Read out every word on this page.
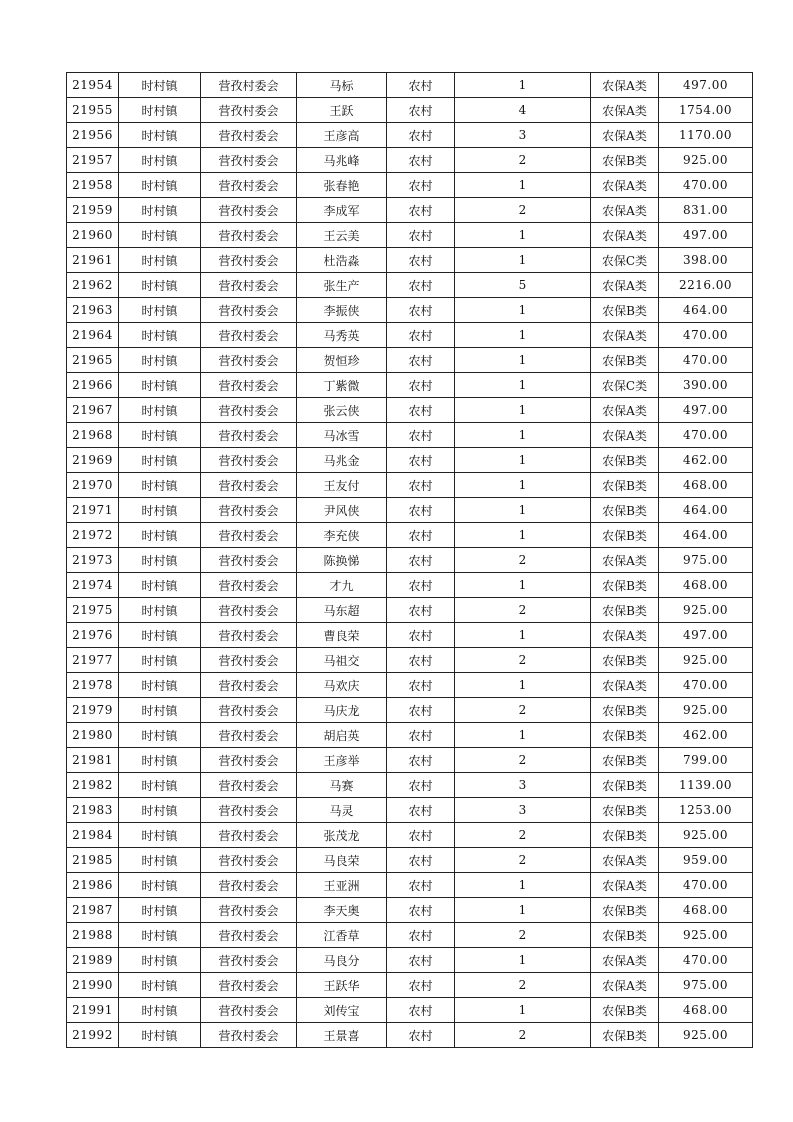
21954	时村镇	营孜村委会	马标	农村	1	农保A类	497.00
21955	时村镇	营孜村委会	王跃	农村	4	农保A类	1754.00
21956	时村镇	营孜村委会	王彦高	农村	3	农保A类	1170.00
21957	时村镇	营孜村委会	马兆峰	农村	2	农保B类	925.00
21958	时村镇	营孜村委会	张春艳	农村	1	农保A类	470.00
21959	时村镇	营孜村委会	李成军	农村	2	农保A类	831.00
21960	时村镇	营孜村委会	王云美	农村	1	农保A类	497.00
21961	时村镇	营孜村委会	杜浩淼	农村	1	农保C类	398.00
21962	时村镇	营孜村委会	张生产	农村	5	农保A类	2216.00
21963	时村镇	营孜村委会	李振侠	农村	1	农保B类	464.00
21964	时村镇	营孜村委会	马秀英	农村	1	农保A类	470.00
21965	时村镇	营孜村委会	贺恒珍	农村	1	农保B类	470.00
21966	时村镇	营孜村委会	丁紫微	农村	1	农保C类	390.00
21967	时村镇	营孜村委会	张云侠	农村	1	农保A类	497.00
21968	时村镇	营孜村委会	马冰雪	农村	1	农保A类	470.00
21969	时村镇	营孜村委会	马兆金	农村	1	农保B类	462.00
21970	时村镇	营孜村委会	王友付	农村	1	农保B类	468.00
21971	时村镇	营孜村委会	尹风侠	农村	1	农保B类	464.00
21972	时村镇	营孜村委会	李充侠	农村	1	农保B类	464.00
21973	时村镇	营孜村委会	陈换悌	农村	2	农保A类	975.00
21974	时村镇	营孜村委会	才九	农村	1	农保B类	468.00
21975	时村镇	营孜村委会	马东超	农村	2	农保B类	925.00
21976	时村镇	营孜村委会	曹良荣	农村	1	农保A类	497.00
21977	时村镇	营孜村委会	马祖交	农村	2	农保B类	925.00
21978	时村镇	营孜村委会	马欢庆	农村	1	农保A类	470.00
21979	时村镇	营孜村委会	马庆龙	农村	2	农保B类	925.00
21980	时村镇	营孜村委会	胡启英	农村	1	农保B类	462.00
21981	时村镇	营孜村委会	王彦举	农村	2	农保B类	799.00
21982	时村镇	营孜村委会	马赛	农村	3	农保B类	1139.00
21983	时村镇	营孜村委会	马灵	农村	3	农保B类	1253.00
21984	时村镇	营孜村委会	张茂龙	农村	2	农保B类	925.00
21985	时村镇	营孜村委会	马良荣	农村	2	农保A类	959.00
21986	时村镇	营孜村委会	王亚洲	农村	1	农保A类	470.00
21987	时村镇	营孜村委会	李天奥	农村	1	农保B类	468.00
21988	时村镇	营孜村委会	江香草	农村	2	农保B类	925.00
21989	时村镇	营孜村委会	马良分	农村	1	农保A类	470.00
21990	时村镇	营孜村委会	王跃华	农村	2	农保A类	975.00
21991	时村镇	营孜村委会	刘传宝	农村	1	农保B类	468.00
21992	时村镇	营孜村委会	王景喜	农村	2	农保B类	925.00
